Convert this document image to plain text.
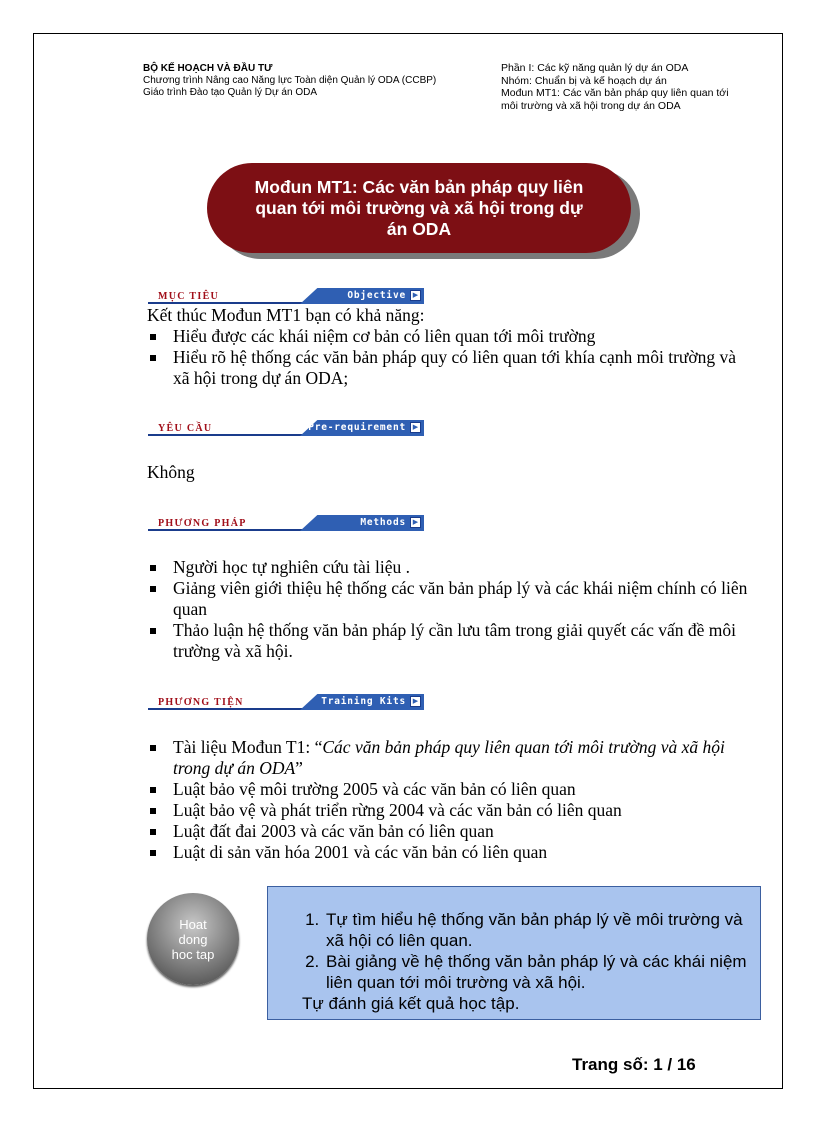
BỘ KẾ HOẠCH VÀ ĐẦU TƯ
Chương trình Nâng cao Năng lực Toàn diện Quản lý ODA (CCBP)
Giáo trình Đào tạo Quản lý Dự án ODA
Phần I: Các kỹ năng quản lý dự án ODA
Nhóm: Chuẩn bị và kế hoạch dự án
Mođun MT1: Các văn bản pháp quy liên quan tới môi trường và xã hội trong dự án ODA
Mođun MT1: Các văn bản pháp quy liên quan tới môi trường và xã hội trong dự án ODA
MỤC TIÊU	Objective ▶
Kết thúc Mođun MT1 bạn có khả năng:
Hiểu được các khái niệm cơ bản có liên quan tới môi trường
Hiểu rõ hệ thống các văn bản pháp quy có liên quan tới khía cạnh môi trường và xã hội trong dự án ODA;
YÊU CẦU	Pre-requirement ▶
Không
PHƯƠNG PHÁP	Methods ▶
Người học tự nghiên cứu tài liệu .
Giảng viên giới thiệu hệ thống các văn bản pháp lý và các khái niệm chính có liên quan
Thảo luận hệ thống văn bản pháp lý cần lưu tâm trong giải quyết các vấn đề môi trường và xã hội.
PHƯƠNG TIỆN	Training Kits ▶
Tài liệu Mođun T1: “Các văn bản pháp quy liên quan tới môi trường và xã hội trong dự án ODA”
Luật bảo vệ môi trường 2005 và các văn bản có liên quan
Luật bảo vệ và phát triển rừng 2004 và các văn bản có liên quan
Luật đất đai 2003 và các văn bản có liên quan
Luật di sản văn hóa 2001 và các văn bản có liên quan
Hoat
dong
hoc tap
1. Tự tìm hiểu hệ thống văn bản pháp lý về môi trường và xã hội có liên quan.
2. Bài giảng về hệ thống văn bản pháp lý và các khái niệm liên quan tới môi trường và xã hội.
Tự đánh giá kết quả học tập.
Trang số: 1 / 16
